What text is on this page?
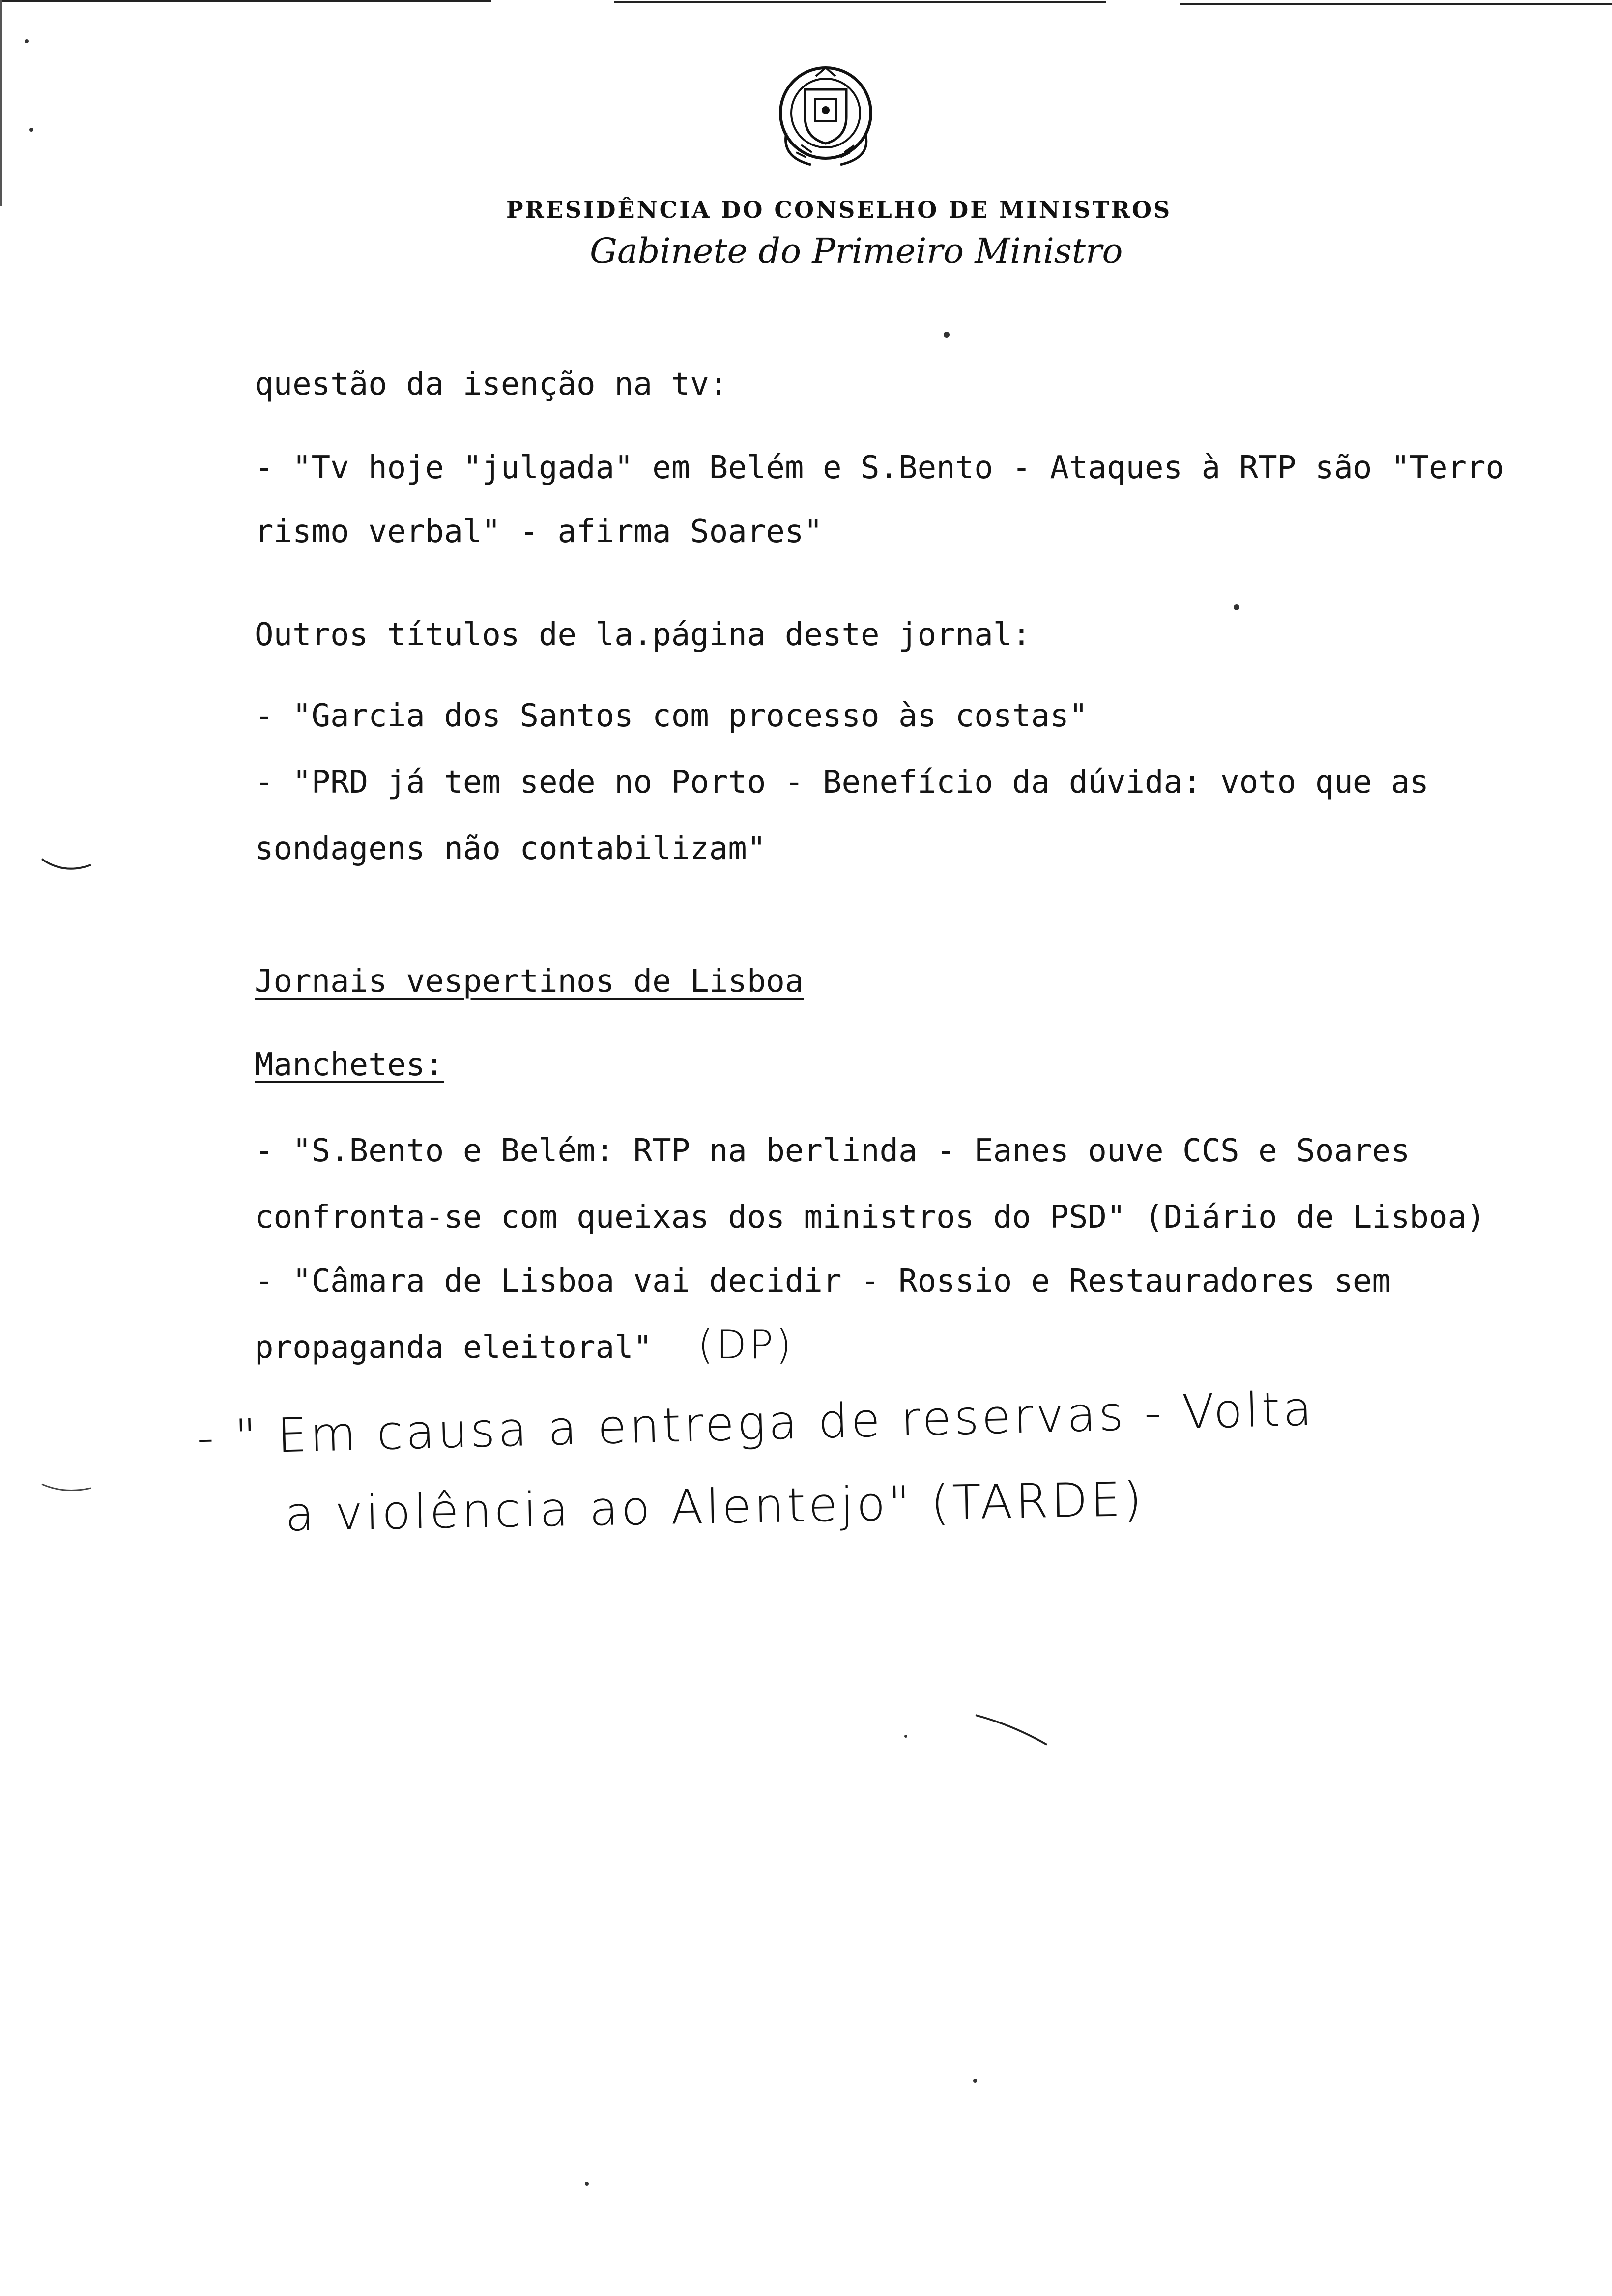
PRESIDÊNCIA DO CONSELHO DE MINISTROS
Gabinete do Primeiro Ministro
questão da isenção na tv:
- "Tv hoje "julgada" em Belém e S.Bento - Ataques à RTP são "Terro
rismo verbal" - afirma Soares"
Outros títulos de la.página deste jornal:
- "Garcia dos Santos com processo às costas"
- "PRD já tem sede no Porto - Benefício da dúvida: voto que as
sondagens não contabilizam"
Jornais vespertinos de Lisboa
Manchetes:
- "S.Bento e Belém: RTP na berlinda - Eanes ouve CCS e Soares
confronta-se com queixas dos ministros do PSD" (Diário de Lisboa)
- "Câmara de Lisboa vai decidir - Rossio e Restauradores sem
propaganda eleitoral" (DP)
- " Em causa a entrega de reservas - Volta
a violência ao Alentejo" (TARDE)
